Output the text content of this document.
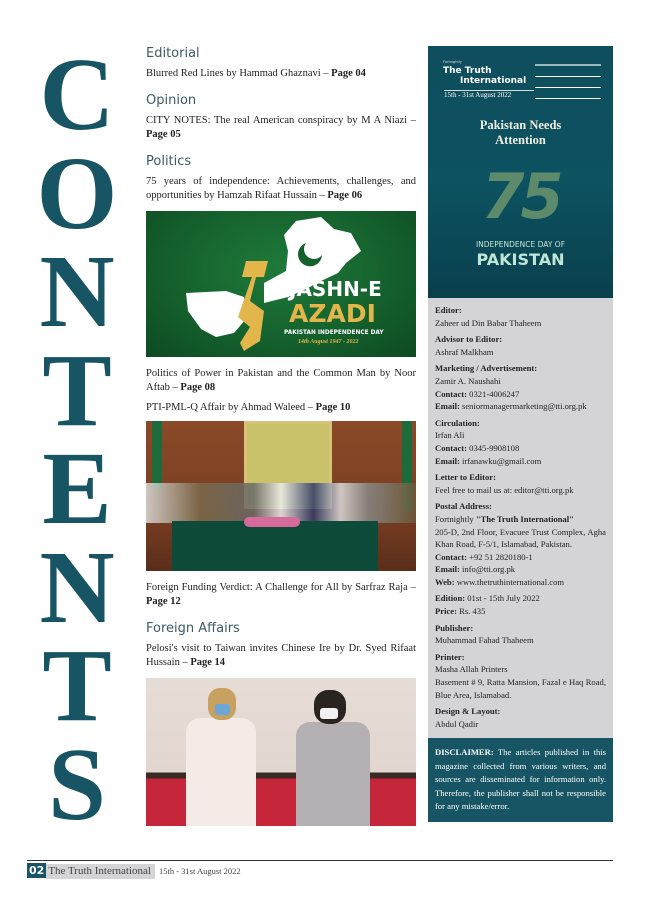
C
O
N
T
E
N
T
S
Editorial

Blurred Red Lines by Hammad Ghaznavi – Page 04

Opinion

CITY NOTES: The real American conspiracy by M A Niazi – Page 05

Politics

75 years of independence: Achievements, challenges, and opportunities by Hamzah Rifaat Hussain – Page 06

JASHN-E
AZADI
PAKISTAN INDEPENDENCE DAY
14th August 1947 - 2022

Politics of Power in Pakistan and the Common Man by Noor Aftab – Page 08

PTI-PML-Q Affair by Ahmad Waleed – Page 10

Foreign Funding Verdict: A Challenge for All by Sarfraz Raja – Page 12

Foreign Affairs

Pelosi's visit to Taiwan invites Chinese Ire by Dr. Syed Rifaat Hussain – Page 14

Fortnightly
The Truth
International
15th - 31st August 2022
Pakistan Needs
Attention
75
INDEPENDENCE DAY OF
PAKISTAN
Editor:
Zaheer ud Din Babar Thaheem
Advisor to Editor:
Ashraf Malkham
Marketing / Advertisement:
Zamir A. Naushahi
Contact: 0321-4006247
Email: seniormanagermarketing@tti.org.pk
Circulation:
Irfan Ali
Contact: 0345-9908108
Email: irfanawku@gmail.com
Letter to Editor:
Feel free to mail us at: editor@tti.org.pk
Postal Address:
Fortnightly "The Truth International"
205-D, 2nd Floor, Evacuee Trust Complex, Agha Khan Road, F-5/1, Islamabad, Pakistan.
Contact: +92 51 2820180-1
Email: info@tti.org.pk
Web: www.thetruthinternational.com
Edition: 01st - 15th July 2022
Price: Rs. 435
Publisher:
Muhammad Fahad Thaheem
Printer:
Masha Allah Printers
Basement # 9, Ratta Mansion, Fazal e Haq Road, Blue Area, Islamabad.
Design & Layout:
Abdul Qadir
DISCLAIMER: The articles published in this magazine collected from various writers, and sources are disseminated for information only. Therefore, the publisher shall not be responsible for any mistake/error.
02 The Truth International 15th - 31st August 2022
